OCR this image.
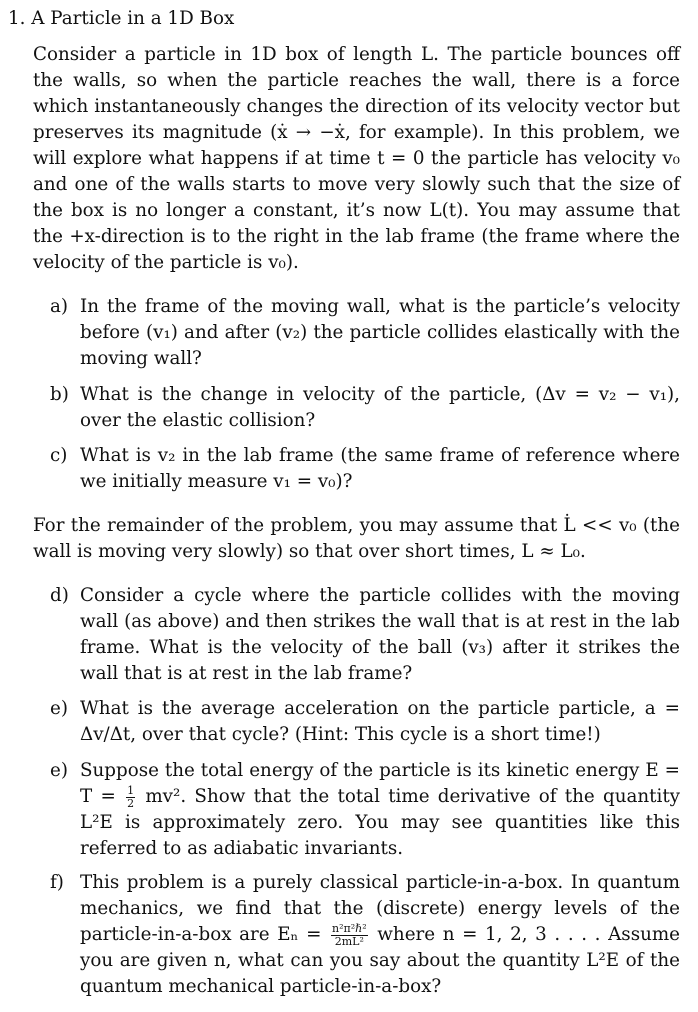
1. A Particle in a 1D Box
Consider a particle in 1D box of length L. The particle bounces off the walls, so when the particle reaches the wall, there is a force which instantaneously changes the direction of its velocity vector but preserves its magnitude (ẋ → −ẋ, for example). In this problem, we will explore what happens if at time t = 0 the particle has velocity v₀ and one of the walls starts to move very slowly such that the size of the box is no longer a constant, it’s now L(t). You may assume that the +x-direction is to the right in the lab frame (the frame where the velocity of the particle is v₀).
a) In the frame of the moving wall, what is the particle’s velocity before (v₁) and after (v₂) the particle collides elastically with the moving wall?
b) What is the change in velocity of the particle, (Δv = v₂ − v₁), over the elastic collision?
c) What is v₂ in the lab frame (the same frame of reference where we initially measure v₁ = v₀)?
For the remainder of the problem, you may assume that L̇ << v₀ (the wall is moving very slowly) so that over short times, L ≈ L₀.
d) Consider a cycle where the particle collides with the moving wall (as above) and then strikes the wall that is at rest in the lab frame. What is the velocity of the ball (v₃) after it strikes the wall that is at rest in the lab frame?
e) What is the average acceleration on the particle particle, a = Δv/Δt, over that cycle? (Hint: This cycle is a short time!)
e) Suppose the total energy of the particle is its kinetic energy $E = T = \frac{1}{2} mv^2$. Show that the total time derivative of the quantity L²E is approximately zero. You may see quantities like this referred to as adiabatic invariants.
f) This problem is a purely classical particle-in-a-box. In quantum mechanics, we find that the (discrete) energy levels of the particle-in-a-box are $E_n = \frac{\text{n²π²ℏ²}}{\text{2mL²}}$ where n = 1, 2, 3 . . . . Assume you are given n, what can you say about the quantity L²E of the quantum mechanical particle-in-a-box?
